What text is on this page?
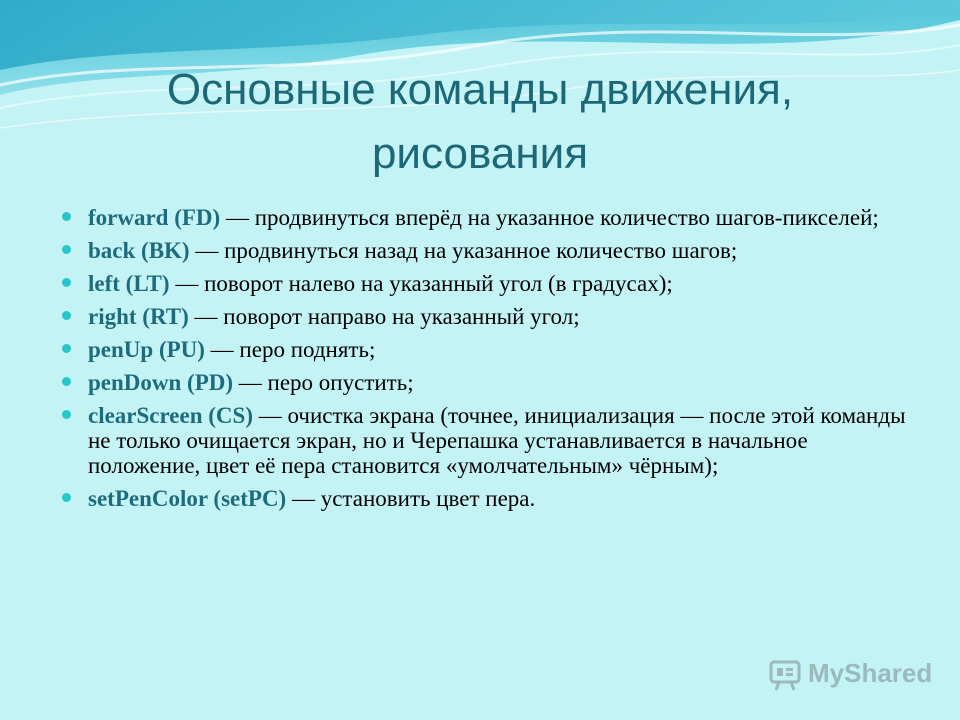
Основные команды движения,
рисования
forward (FD) — продвинуться вперёд на указанное количество шагов-пикселей;
back (BK) — продвинуться назад на указанное количество шагов;
left (LT) — поворот налево на указанный угол (в градусах);
right (RT) — поворот направо на указанный угол;
penUp (PU) — перо поднять;
penDown (PD) — перо опустить;
clearScreen (CS) — очистка экрана (точнее, инициализация — после этой команды не только очищается экран, но и Черепашка устанавливается в начальное положение, цвет её пера становится «умолчательным» чёрным);
setPenColor (setPC) — установить цвет пера.
MyShared
